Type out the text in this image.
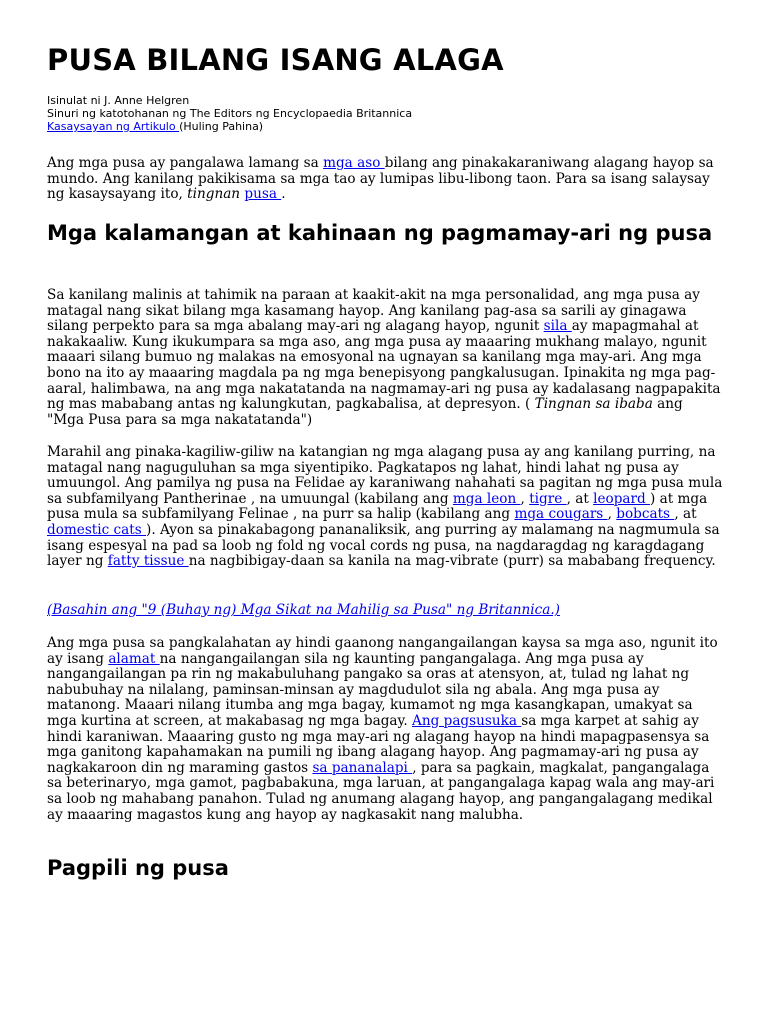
PUSA BILANG ISANG ALAGA
Isinulat ni J. Anne Helgren
Sinuri ng katotohanan ng The Editors ng Encyclopaedia Britannica
Kasaysayan ng Artikulo (Huling Pahina)

Ang mga pusa ay pangalawa lamang sa mga aso bilang ang pinakakaraniwang alagang hayop sa mundo. Ang kanilang pakikisama sa mga tao ay lumipas libu-libong taon. Para sa isang salaysay ng kasaysayang ito, tingnan pusa .

Mga kalamangan at kahinaan ng pagmamay-ari ng pusa

Sa kanilang malinis at tahimik na paraan at kaakit-akit na mga personalidad, ang mga pusa ay matagal nang sikat bilang mga kasamang hayop. Ang kanilang pag-asa sa sarili ay ginagawa silang perpekto para sa mga abalang may-ari ng alagang hayop, ngunit sila ay mapagmahal at nakakaaliw. Kung ikukumpara sa mga aso, ang mga pusa ay maaaring mukhang malayo, ngunit maaari silang bumuo ng malakas na emosyonal na ugnayan sa kanilang mga may-ari. Ang mga bono na ito ay maaaring magdala pa ng mga benepisyong pangkalusugan. Ipinakita ng mga pag-aaral, halimbawa, na ang mga nakatatanda na nagmamay-ari ng pusa ay kadalasang nagpapakita ng mas mababang antas ng kalungkutan, pagkabalisa, at depresyon. ( Tingnan sa ibaba ang "Mga Pusa para sa mga nakatatanda")

Marahil ang pinaka-kagiliw-giliw na katangian ng mga alagang pusa ay ang kanilang purring, na matagal nang naguguluhan sa mga siyentipiko. Pagkatapos ng lahat, hindi lahat ng pusa ay umuungol. Ang pamilya ng pusa na Felidae ay karaniwang nahahati sa pagitan ng mga pusa mula sa subfamilyang Pantherinae , na umuungal (kabilang ang mga leon , tigre , at leopard ) at mga pusa mula sa subfamilyang Felinae , na purr sa halip (kabilang ang mga cougars , bobcats , at domestic cats ). Ayon sa pinakabagong pananaliksik, ang purring ay malamang na nagmumula sa isang espesyal na pad sa loob ng fold ng vocal cords ng pusa, na nagdaragdag ng karagdagang layer ng fatty tissue na nagbibigay-daan sa kanila na mag-vibrate (purr) sa mababang frequency.

(Basahin ang "9 (Buhay ng) Mga Sikat na Mahilig sa Pusa" ng Britannica.)

Ang mga pusa sa pangkalahatan ay hindi gaanong nangangailangan kaysa sa mga aso, ngunit ito ay isang alamat na nangangailangan sila ng kaunting pangangalaga. Ang mga pusa ay nangangailangan pa rin ng makabuluhang pangako sa oras at atensyon, at, tulad ng lahat ng nabubuhay na nilalang, paminsan-minsan ay magdudulot sila ng abala. Ang mga pusa ay matanong. Maaari nilang itumba ang mga bagay, kumamot ng mga kasangkapan, umakyat sa mga kurtina at screen, at makabasag ng mga bagay. Ang pagsusuka sa mga karpet at sahig ay hindi karaniwan. Maaaring gusto ng mga may-ari ng alagang hayop na hindi mapagpasensya sa mga ganitong kapahamakan na pumili ng ibang alagang hayop. Ang pagmamay-ari ng pusa ay nagkakaroon din ng maraming gastos sa pananalapi , para sa pagkain, magkalat, pangangalaga sa beterinaryo, mga gamot, pagbabakuna, mga laruan, at pangangalaga kapag wala ang may-ari sa loob ng mahabang panahon. Tulad ng anumang alagang hayop, ang pangangalagang medikal ay maaaring magastos kung ang hayop ay nagkasakit nang malubha.

Pagpili ng pusa
